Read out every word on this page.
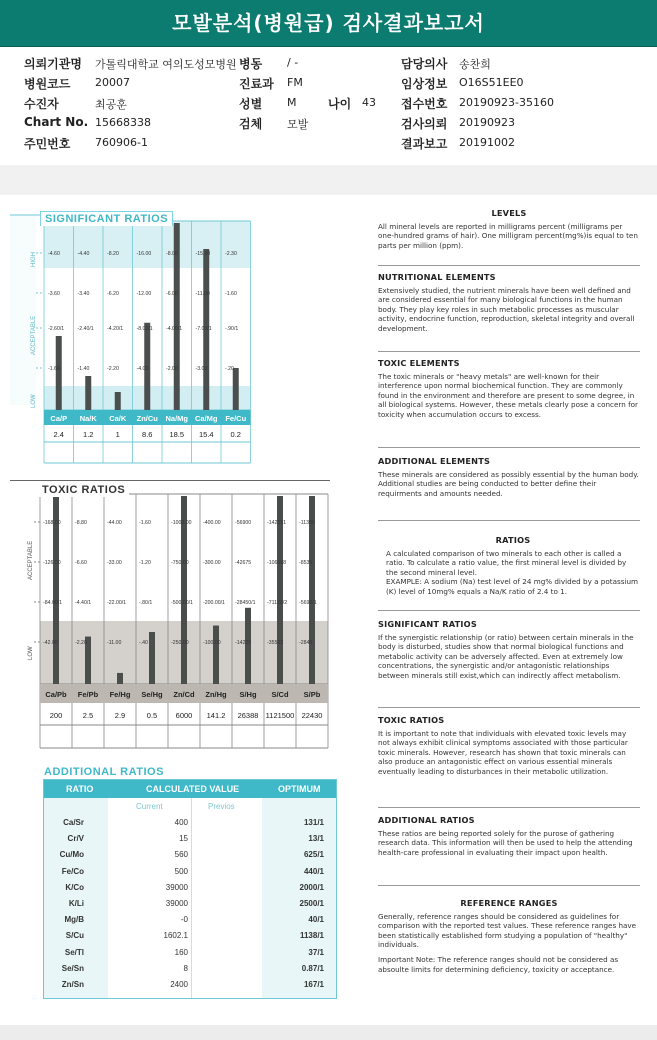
모발분석(병원급) 검사결과보고서
의뢰기관명 가톨릭대학교 여의도성모병원 병동 / -	담당의사 송찬희
병원코드 20007	진료과 FM	임상정보 O16S51EE0
수진자	최공훈	성별 M	나이 43 접수번호 20190923-35160
Chart No. 15668338	검체 모발	검사의뢰 20190923
주민번호 760906-1	결과보고 20191002
HIGH
ACCEPTABLE
LOW
-4.60
-3.60
-2.60/1
-1.60
Ca/P
2.4
-4.40
-3.40
-2.40/1
-1.40
Na/K
1.2
-8.20
-6.20
-4.20/1
-2.20
Ca/K
1
-16.00
-12.00
-8.00/1
-4.00
Zn/Cu
8.6
-8.00
-6.00
-4.00/1
-2.00
Na/Mg
18.5
-15.00
-11.00
-7.00/1
-3.00
Ca/Mg
15.4
-2.30
-1.60
-.90/1
-.20
Fe/Cu
0.2
SIGNIFICANT RATIOS
ACCEPTABLE
LOW
-168.00
-126.00
-84.00/1
-42.00
Ca/Pb
200
-8.80
-6.60
-4.40/1
-2.20
Fe/Pb
2.5
-44.00
-33.00
-22.00/1
-11.00
Fe/Hg
2.9
-1.60
-1.20
-.80/1
-.40
Se/Hg
0.5
-1000.00
-750.00
-500.00/1
-250.00
Zn/Cd
6000
-400.00
-300.00
-200.00/1
-100.00
Zn/Hg
141.2
-56900
-42675
-28450/1
-14225
S/Hg
26388
-142251
-106688
-71126/2
-35563
S/Cd
1121500
-11380
-8535
-5690/1
-2845
S/Pb
22430
TOXIC RATIOS
ADDITIONAL RATIOS
RATIO	CALCULATED VALUE	OPTIMUM
Current	Previos
Ca/Sr	400	131/1
Cr/V	15	13/1
Cu/Mo	560	625/1
Fe/Co	500	440/1
K/Co	39000	2000/1
K/Li	39000	2500/1
Mg/B	-0	40/1
S/Cu	1602.1	1138/1
Se/Tl	160	37/1
Se/Sn	8	0.87/1
Zn/Sn	2400	167/1
LEVELS

All mineral levels are reported in milligrams percent (milligrams per one-hundred grams of hair). One milligram percent(mg%)is equal to ten parts per million (ppm).

NUTRITIONAL ELEMENTS

Extensively studied, the nutrient minerals have been well defined and are considered essential for many biological functions in the human body. They play key roles in such metabolic processes as muscular activity, endocrine function, reproduction, skeletal integrity and overall development.

TOXIC ELEMENTS

The toxic minerals or "heavy metals" are well-known for their interference upon normal biochemical function. They are commonly found in the environment and therefore are present to some degree, in all biological systems. However, these metals clearly pose a concern for toxicity when accumulation occurs to excess.

ADDITIONAL ELEMENTS

These minerals are considered as possibly essential by the human body. Additional studies are being conducted to better define their requirments and amounts needed.

RATIOS

A calculated comparison of two minerals to each other is called a ratio. To calculate a ratio value, the first mineral level is divided by the second mineral level.

EXAMPLE: A sodium (Na) test level of 24 mg% divided by a potassium (K) level of 10mg% equals a Na/K ratio of 2.4 to 1.

SIGNIFICANT RATIOS

If the synergistic relationship (or ratio) between certain minerals in the body is disturbed, studies show that normal biological functions and metabolic activity can be adversely affected. Even at extremely low concentrations, the synergistic and/or antagonistic relationships between minerals still exist,which can indirectly affect metabolism.

TOXIC RATIOS

It is important to note that individuals with elevated toxic levels may not always exhibit clinical symptoms associated with those particular toxic minerals. However, research has shown that toxic minerals can also produce an antagonistic effect on various essential minerals eventually leading to disturbances in their metabolic utilization.

ADDITIONAL RATIOS

These ratios are being reported solely for the purose of gathering research data. This information will then be used to help the attending health-care professional in evaluating their impact upon health.

REFERENCE RANGES

Generally, reference ranges should be considered as guidelines for comparison with the reported test values. These reference ranges have been statistically established form studying a population of "healthy" individuals.

Important Note: The reference ranges should not be considered as absoulte limits for determining deficiency, toxicity or acceptance.
